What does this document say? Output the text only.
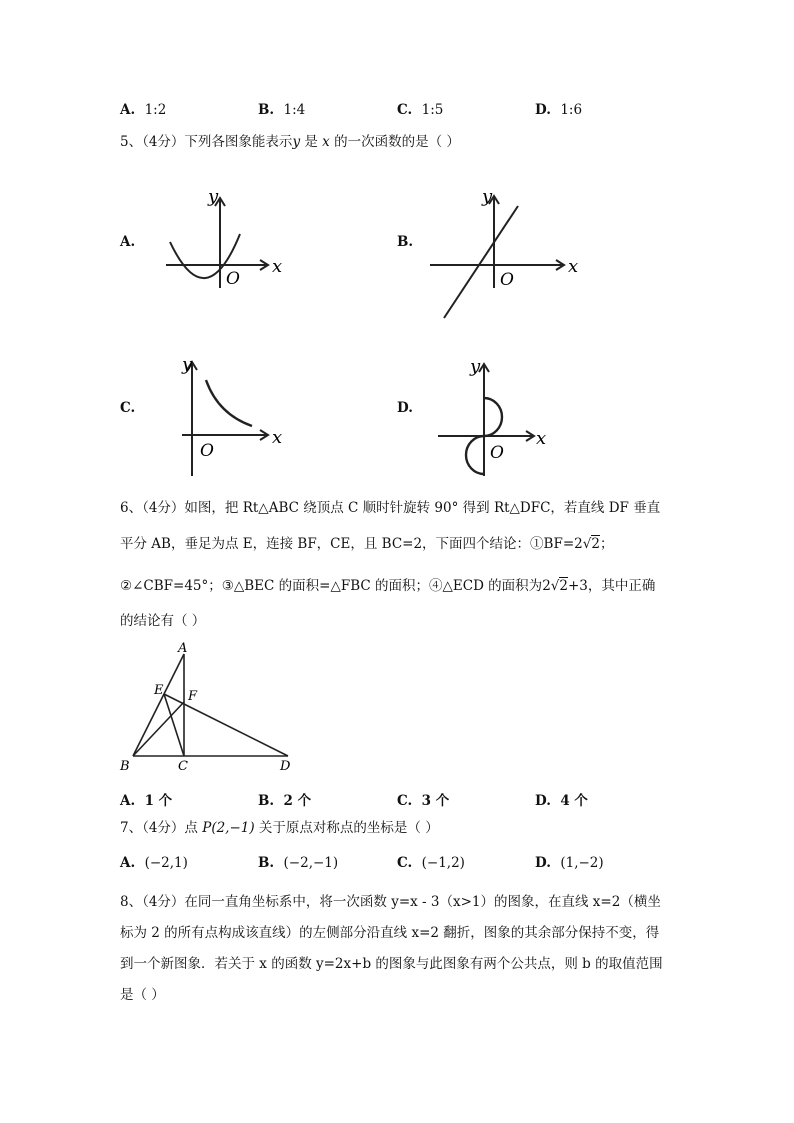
A. 1:2	B. 1:4	C. 1:5	D. 1:6
5、（4分）下列各图象能表示y 是 x 的一次函数的是（ ）
A.	B.
C.	D.
x
y
O
x
y
O
x
y
O
x
y
O
6、（4分）如图，把 Rt△ABC 绕顶点 C 顺时针旋转 90° 得到 Rt△DFC，若直线 DF 垂直
平分 AB，垂足为点 E，连接 BF，CE，且 BC=2，下面四个结论：①BF=2√2；
②∠CBF=45°；③△BEC 的面积=△FBC 的面积；④△ECD 的面积为2√2+3，其中正确
的结论有（ ）
A
B	C	D
E F
A. 1 个	B. 2 个	C. 3 个	D. 4 个
7、（4分）点 P(2,−1) 关于原点对称点的坐标是（ ）
A. (−2,1)	B. (−2,−1)	C. (−1,2)	D. (1,−2)
8、（4分）在同一直角坐标系中，将一次函数 y=x - 3（x>1）的图象，在直线 x=2（横坐
标为 2 的所有点构成该直线）的左侧部分沿直线 x=2 翻折，图象的其余部分保持不变，得
到一个新图象．若关于 x 的函数 y=2x+b 的图象与此图象有两个公共点，则 b 的取值范围
是（ ）
